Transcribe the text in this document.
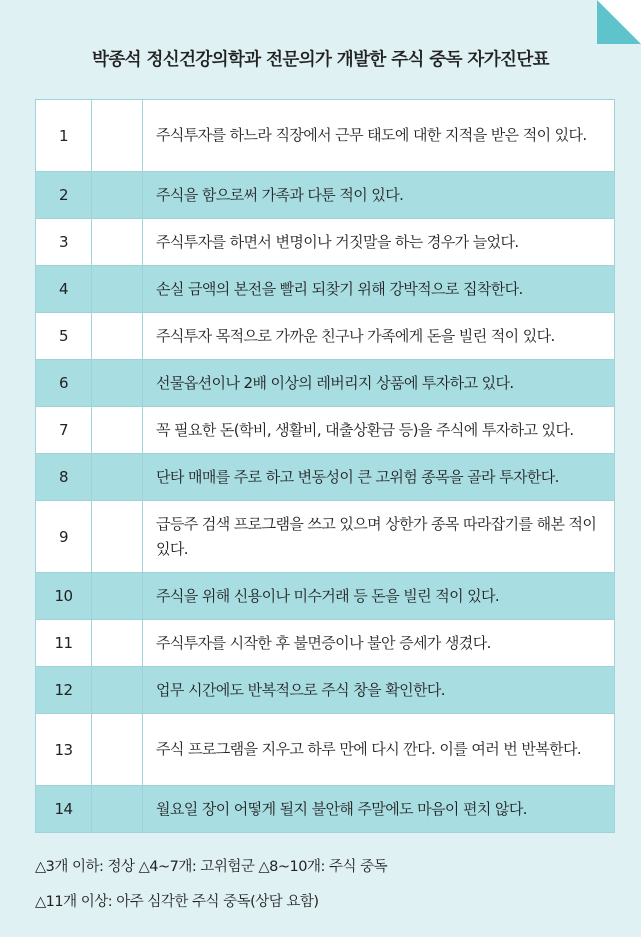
박종석 정신건강의학과 전문의가 개발한 주식 중독 자가진단표
1		주식투자를 하느라 직장에서 근무 태도에 대한 지적을 받은 적이 있다.
2		주식을 함으로써 가족과 다툰 적이 있다.
3		주식투자를 하면서 변명이나 거짓말을 하는 경우가 늘었다.
4		손실 금액의 본전을 빨리 되찾기 위해 강박적으로 집착한다.
5		주식투자 목적으로 가까운 친구나 가족에게 돈을 빌린 적이 있다.
6		선물옵션이나 2배 이상의 레버리지 상품에 투자하고 있다.
7		꼭 필요한 돈(학비, 생활비, 대출상환금 등)을 주식에 투자하고 있다.
8		단타 매매를 주로 하고 변동성이 큰 고위험 종목을 골라 투자한다.
9		급등주 검색 프로그램을 쓰고 있으며 상한가 종목 따라잡기를 해본 적이 있다.
10		주식을 위해 신용이나 미수거래 등 돈을 빌린 적이 있다.
11		주식투자를 시작한 후 불면증이나 불안 증세가 생겼다.
12		업무 시간에도 반복적으로 주식 창을 확인한다.
13		주식 프로그램을 지우고 하루 만에 다시 깐다. 이를 여러 번 반복한다.
14		월요일 장이 어떻게 될지 불안해 주말에도 마음이 편치 않다.
△3개 이하: 정상 △4~7개: 고위험군 △8~10개: 주식 중독
△11개 이상: 아주 심각한 주식 중독(상담 요함)
